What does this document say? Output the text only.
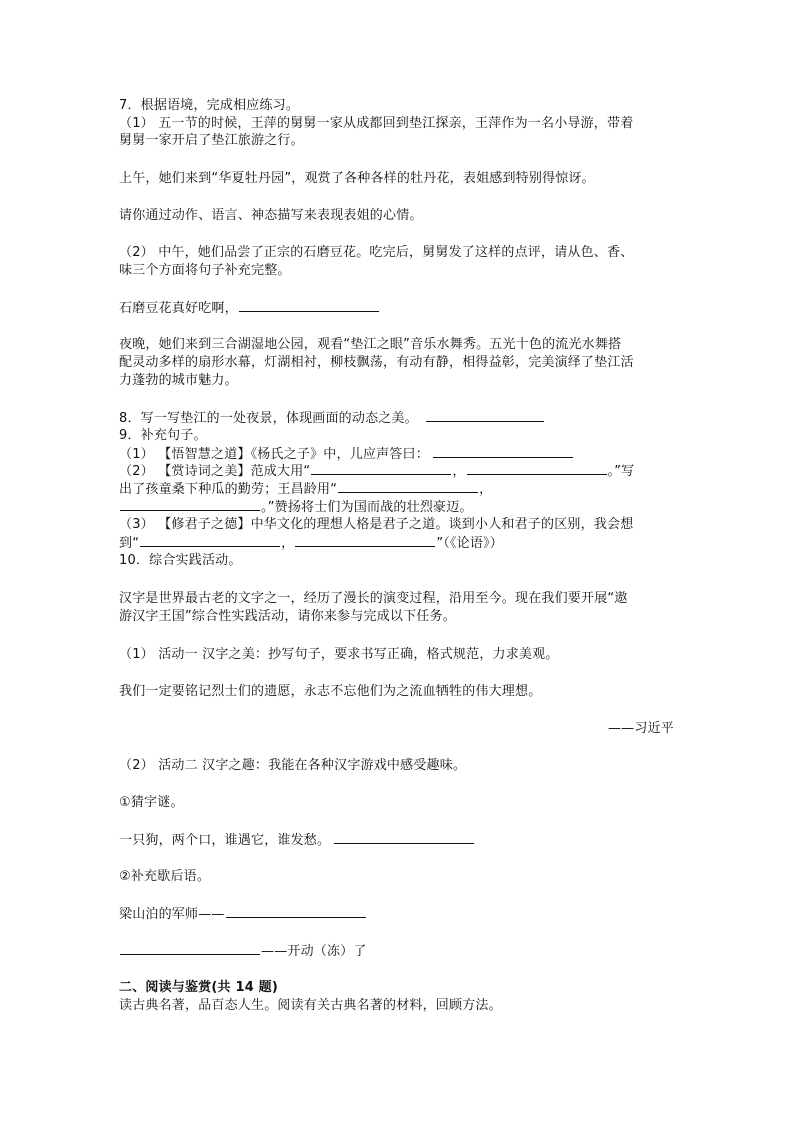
7．根据语境，完成相应练习。
（1） 五一节的时候，王萍的舅舅一家从成都回到垫江探亲，王萍作为一名小导游，带着
舅舅一家开启了垫江旅游之行。
上午，她们来到“华夏牡丹园”，观赏了各种各样的牡丹花，表姐感到特别得惊讶。
请你通过动作、语言、神态描写来表现表姐的心情。
（2） 中午，她们品尝了正宗的石磨豆花。吃完后，舅舅发了这样的点评，请从色、香、
味三个方面将句子补充完整。
石磨豆花真好吃啊，
夜晚，她们来到三合湖湿地公园，观看“垫江之眼”音乐水舞秀。五光十色的流光水舞搭
配灵动多样的扇形水幕，灯湖相衬，柳枝飘荡，有动有静，相得益彰，完美演绎了垫江活
力蓬勃的城市魅力。
8．写一写垫江的一处夜景，体现画面的动态之美。
9．补充句子。
（1） 【悟智慧之道】《杨氏之子》中，儿应声答曰：
（2） 【赏诗词之美】范成大用“	，	。”写
出了孩童桑下种瓜的勤劳；王昌龄用“	，
。”赞扬将士们为国而战的壮烈豪迈。
（3） 【修君子之德】中华文化的理想人格是君子之道。谈到小人和君子的区别，我会想
到“	，	”（《论语》）
10．综合实践活动。
汉字是世界最古老的文字之一，经历了漫长的演变过程，沿用至今。现在我们要开展“遨
游汉字王国”综合性实践活动，请你来参与完成以下任务。
（1） 活动一 汉字之美：抄写句子，要求书写正确，格式规范，力求美观。
我们一定要铭记烈士们的遗愿，永志不忘他们为之流血牺牲的伟大理想。
——习近平
（2） 活动二 汉字之趣：我能在各种汉字游戏中感受趣味。
①猜字谜。
一只狗，两个口，谁遇它，谁发愁。
②补充歇后语。
梁山泊的军师——
——开动（冻）了
二、阅读与鉴赏(共 14 题)
读古典名著，品百态人生。阅读有关古典名著的材料，回顾方法。
